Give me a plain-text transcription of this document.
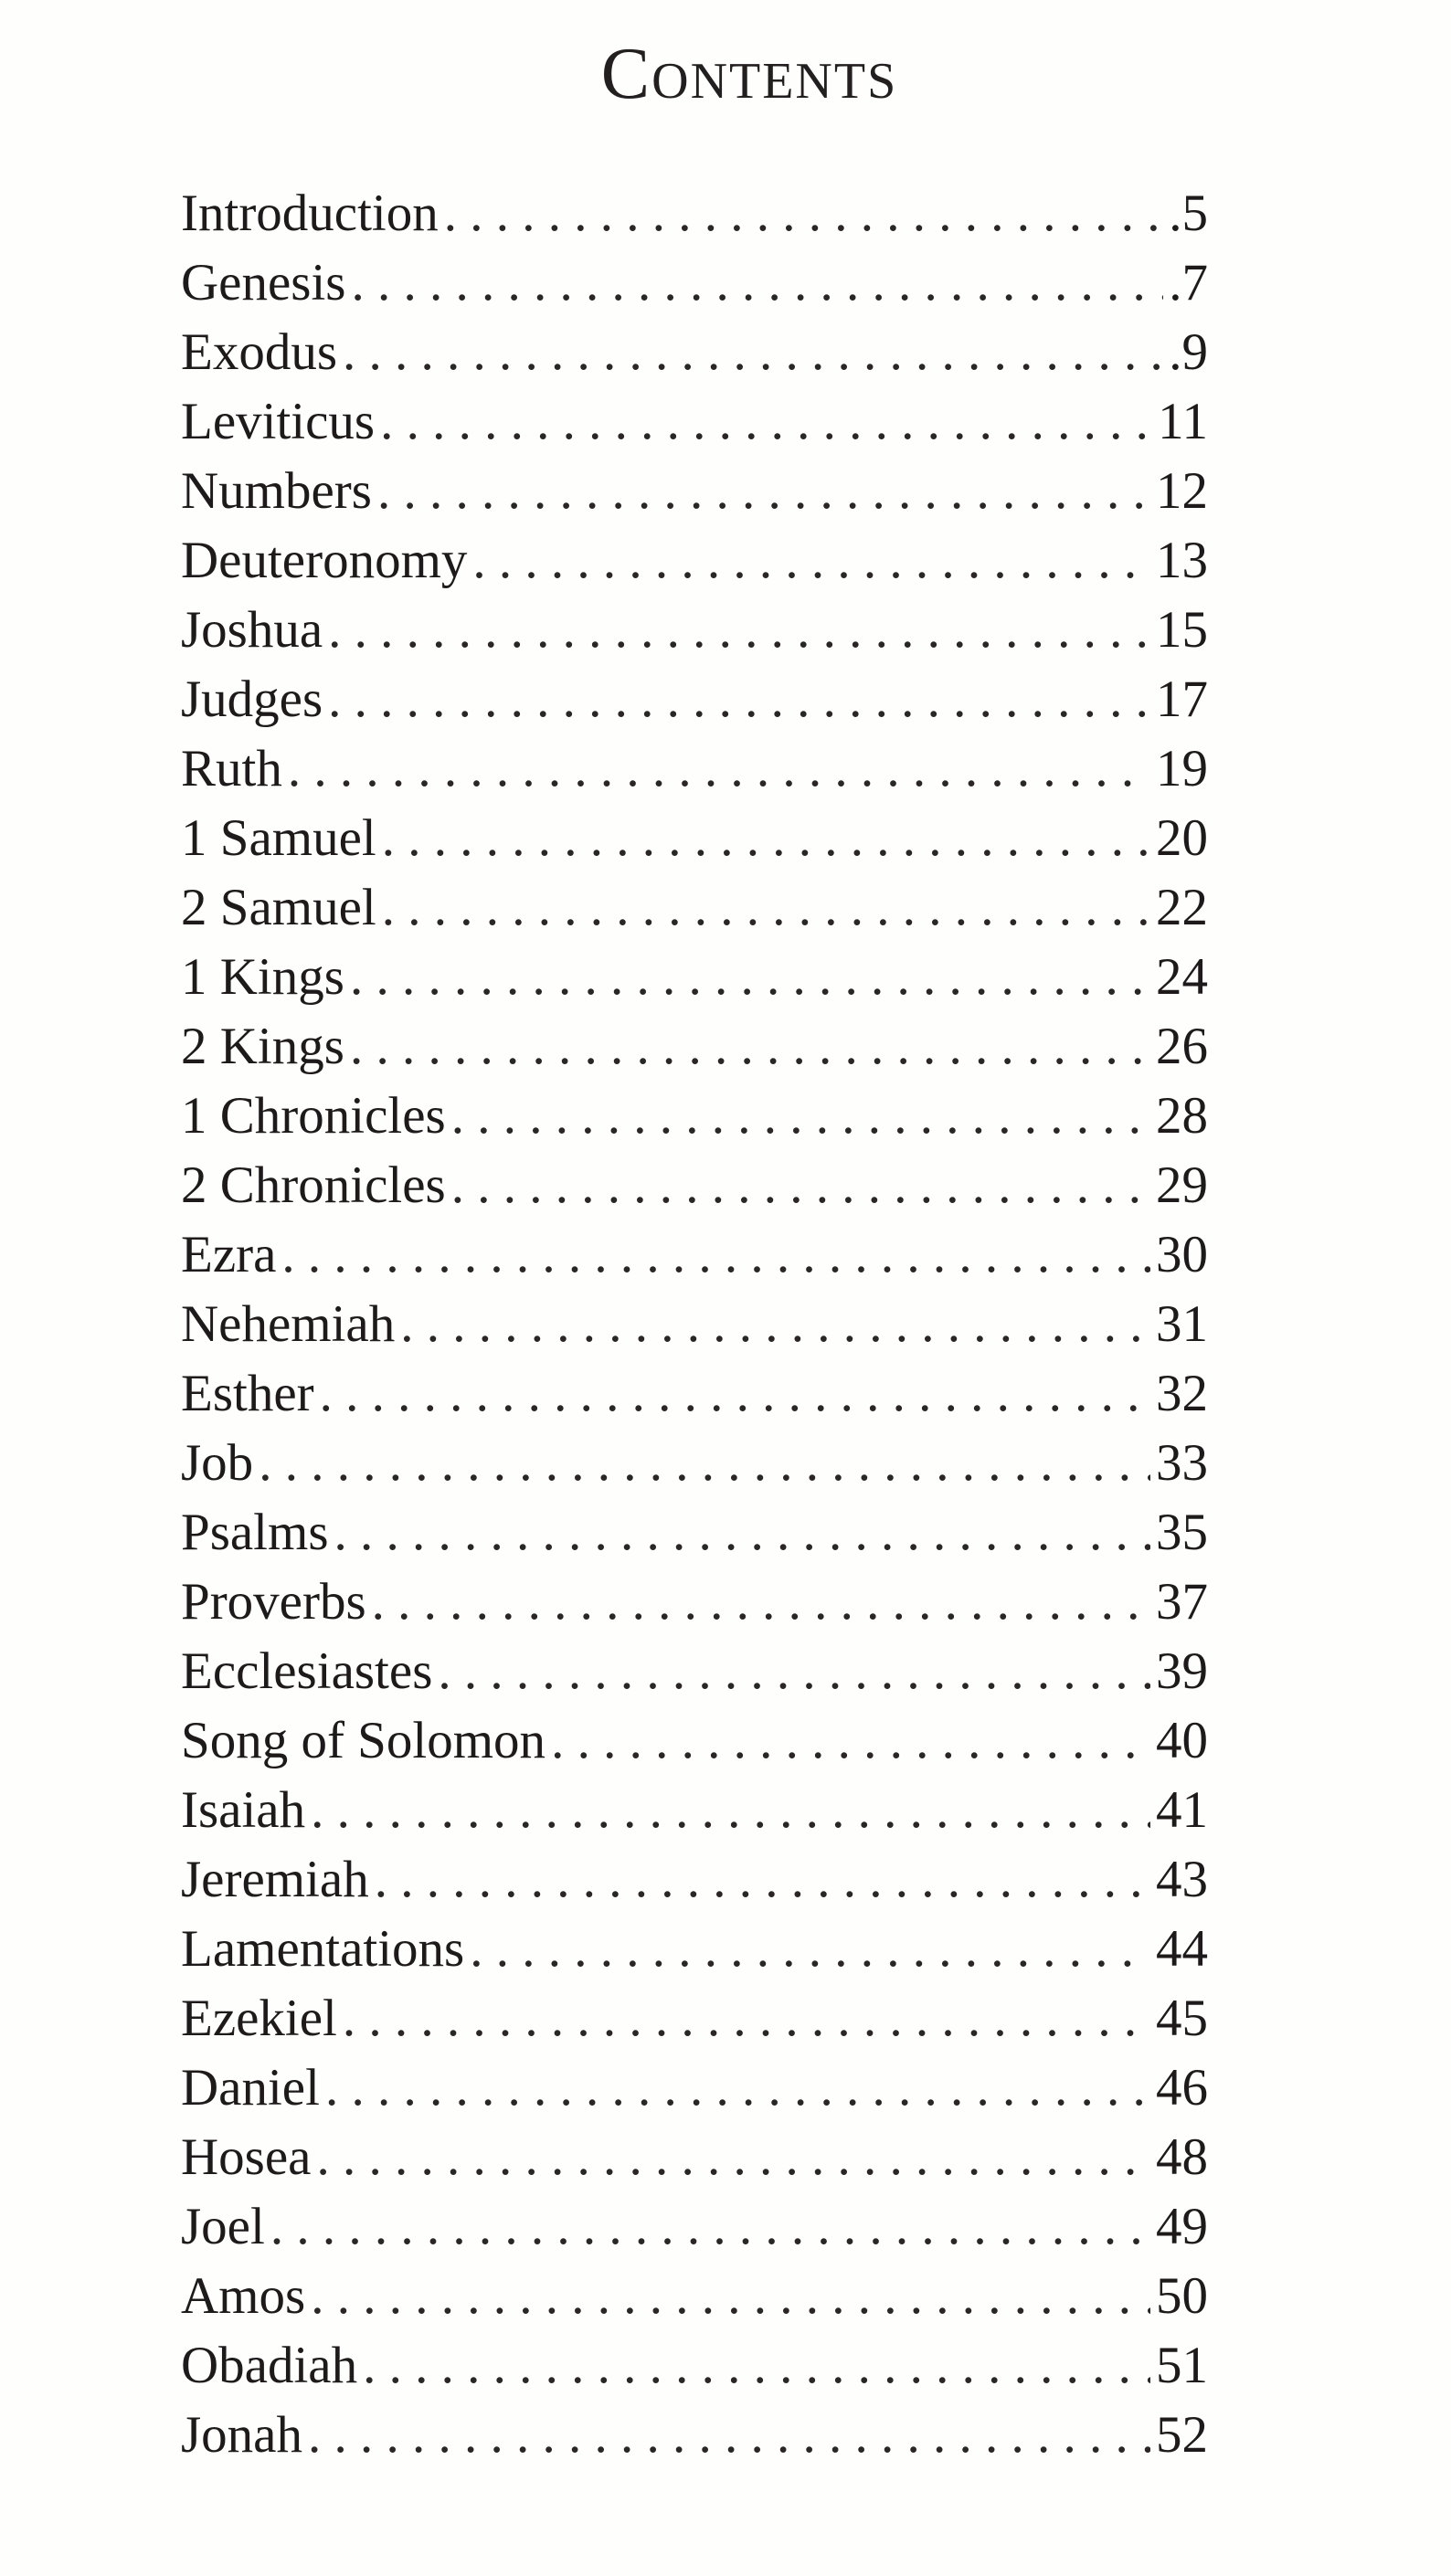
Contents
Introduction . . .	.5
Genesis . . .	.7
Exodus . . .	.9
Leviticus . . .	11
Numbers . . .	12
Deuteronomy . . .	13
Joshua . . .	15
Judges . . .	17
Ruth . . .	19
1 Samuel . . .	20
2 Samuel . . .	22
1 Kings . . .	24
2 Kings . . .	26
1 Chronicles . . .	28
2 Chronicles . . .	29
Ezra . . .	30
Nehemiah . . .	31
Esther . . .	32
Job . . .	33
Psalms . . .	35
Proverbs . . .	37
Ecclesiastes . . .	39
Song of Solomon . . .	40
Isaiah . . .	41
Jeremiah . . .	43
Lamentations . . .	44
Ezekiel . . .	45
Daniel . . .	46
Hosea . . .	48
Joel . . .	49
Amos . . .	50
Obadiah . . .	51
Jonah . . .	52
